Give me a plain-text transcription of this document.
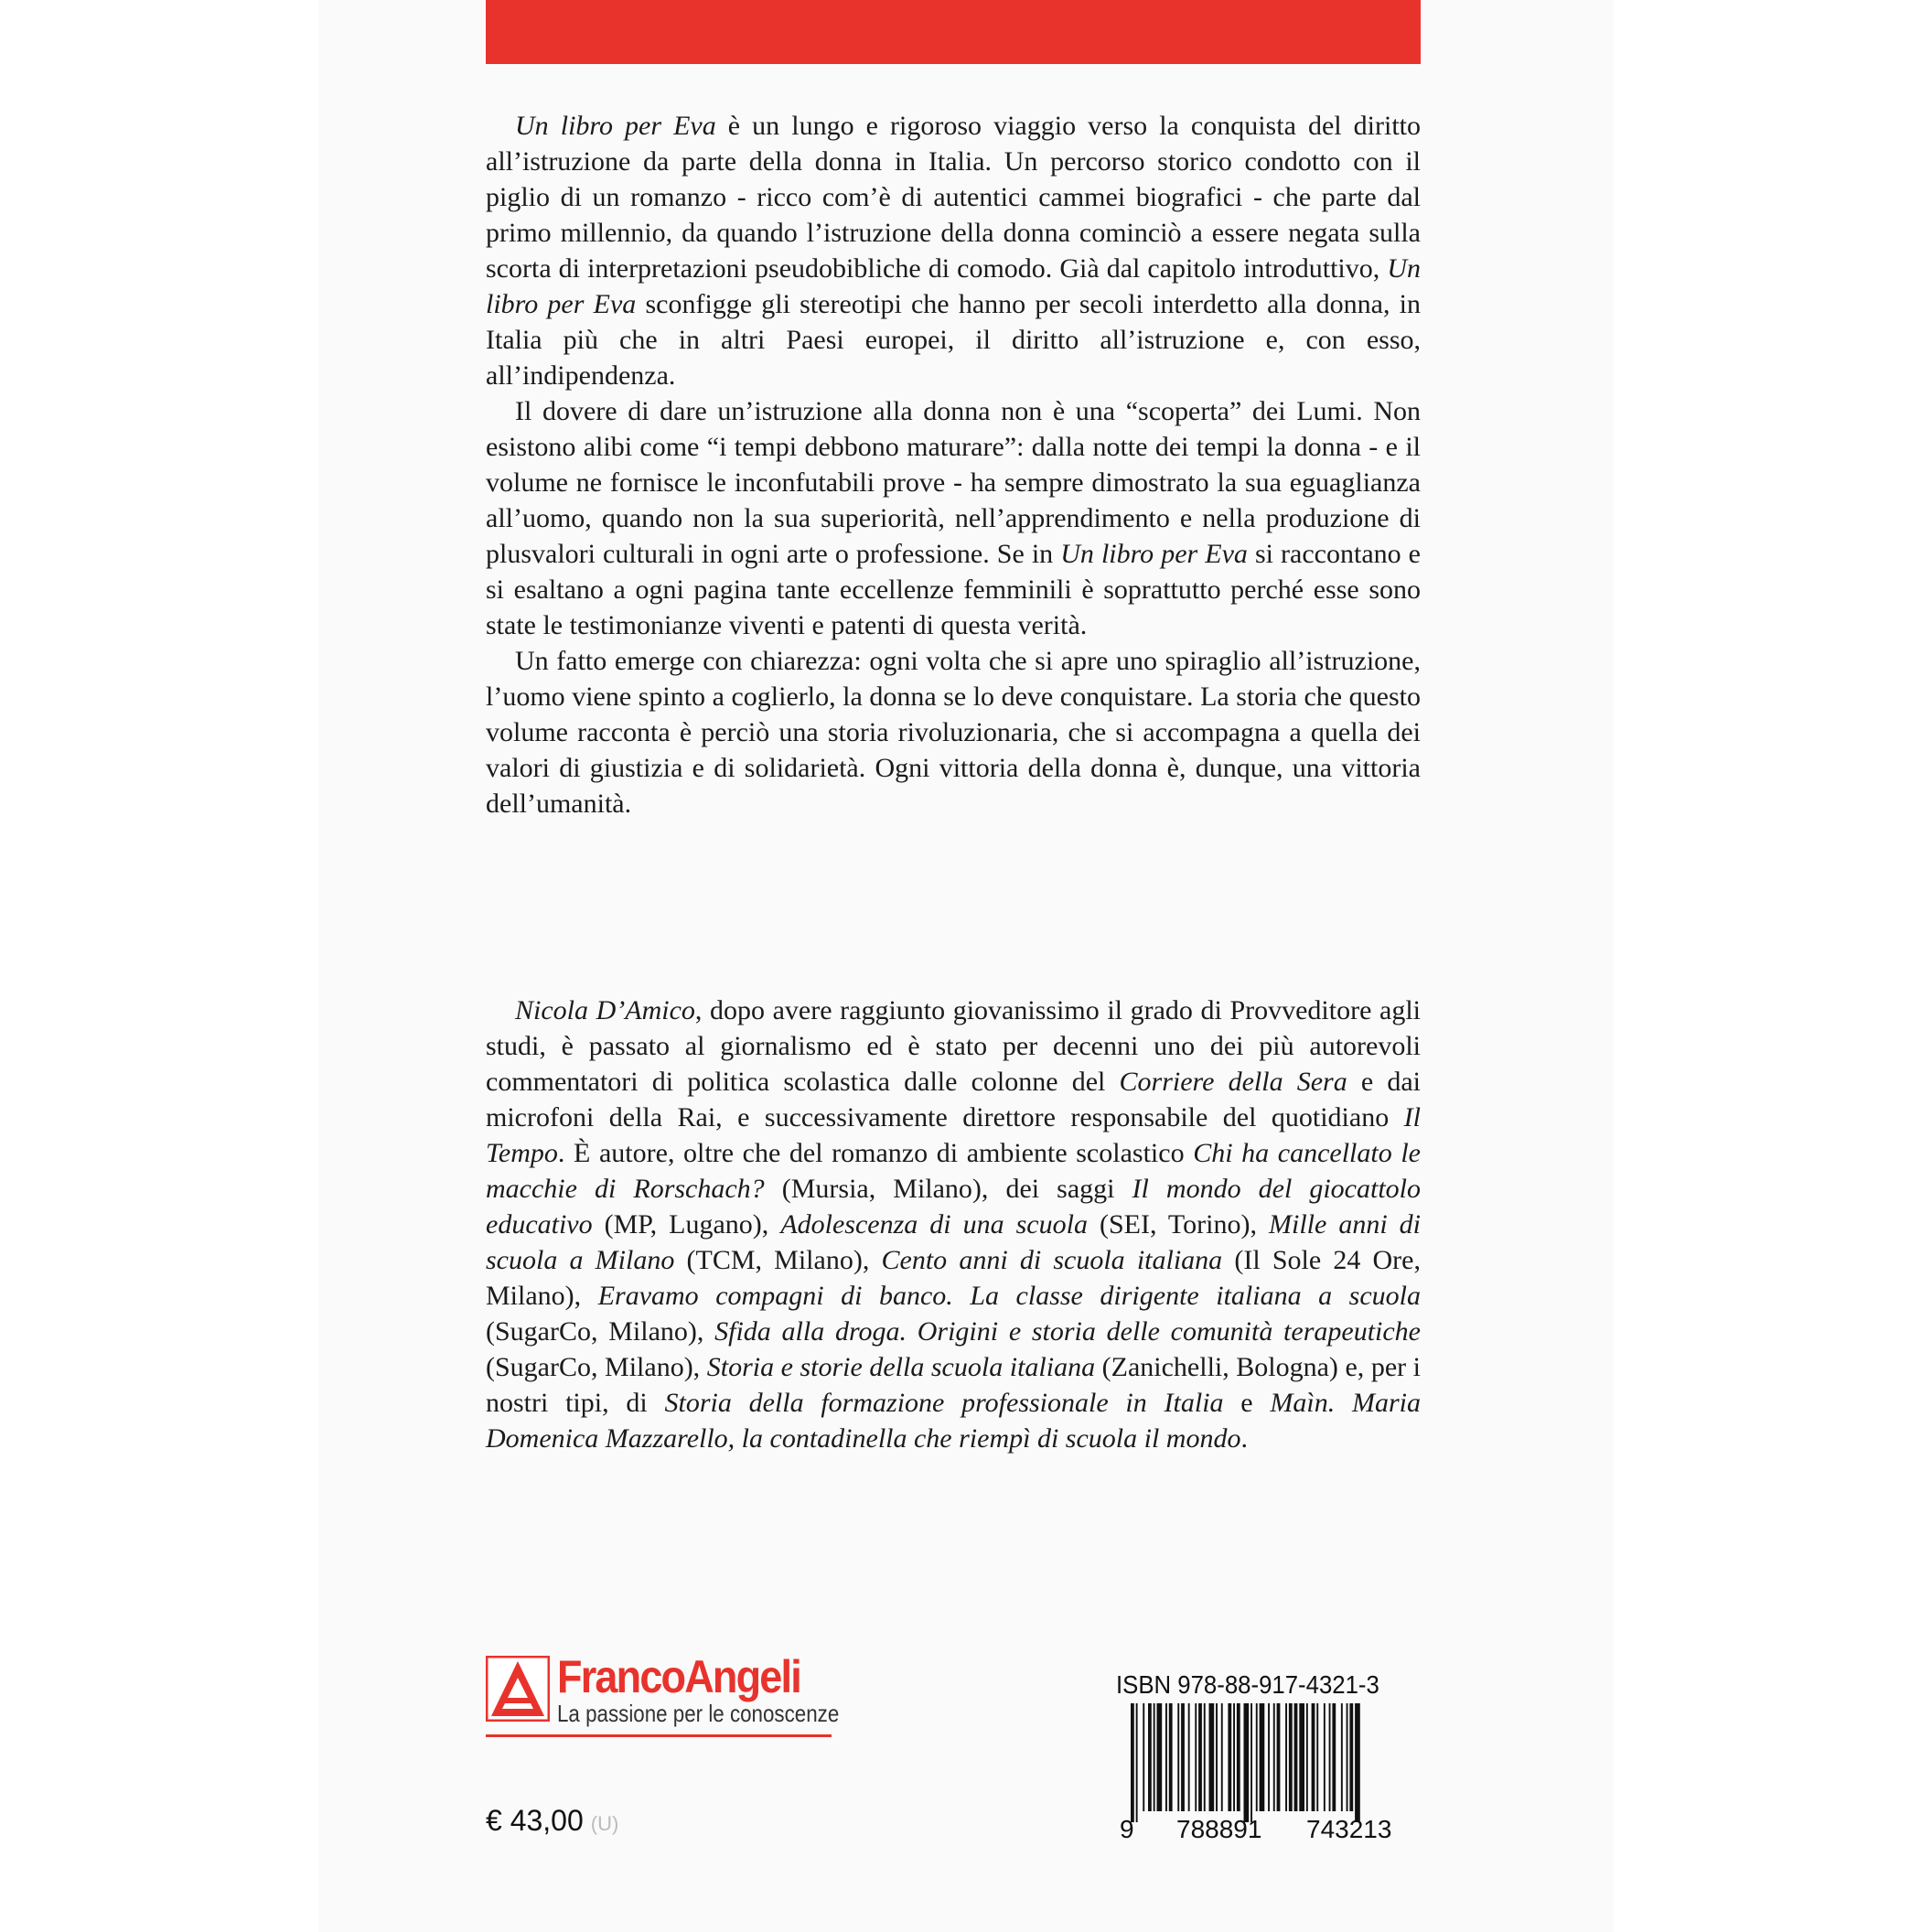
Un libro per Eva è un lungo e rigoroso viaggio verso la conquista del diritto all’istruzione da parte della donna in Italia. Un percorso storico condotto con il piglio di un romanzo - ricco com’è di autentici cammei biografici - che parte dal primo millennio, da quando l’istruzione della donna cominciò a essere negata sulla scorta di interpretazioni pseudobibliche di comodo. Già dal capitolo introduttivo, Un libro per Eva sconfigge gli stereotipi che hanno per secoli interdetto alla donna, in Italia più che in altri Paesi europei, il diritto all’istruzione e, con esso, all’indipendenza.

Il dovere di dare un’istruzione alla donna non è una “scoperta” dei Lumi. Non esistono alibi come “i tempi debbono maturare”: dalla notte dei tempi la donna - e il volume ne fornisce le inconfutabili prove - ha sempre dimostrato la sua eguaglianza all’uomo, quando non la sua superiorità, nell’apprendimento e nella produzione di plusvalori culturali in ogni arte o professione. Se in Un libro per Eva si raccontano e si esaltano a ogni pagina tante eccellenze femminili è soprattutto perché esse sono state le testimonianze viventi e patenti di questa verità.

Un fatto emerge con chiarezza: ogni volta che si apre uno spiraglio all’istruzione, l’uomo viene spinto a coglierlo, la donna se lo deve conquistare. La storia che questo volume racconta è perciò una storia rivoluzionaria, che si accompagna a quella dei valori di giustizia e di solidarietà. Ogni vittoria della donna è, dunque, una vittoria dell’umanità.

Nicola D’Amico, dopo avere raggiunto giovanissimo il grado di Provveditore agli studi, è passato al giornalismo ed è stato per decenni uno dei più autorevoli commentatori di politica scolastica dalle colonne del Corriere della Sera e dai microfoni della Rai, e successivamente direttore responsabile del quotidiano Il Tempo. È autore, oltre che del romanzo di ambiente scolastico Chi ha cancellato le macchie di Rorschach? (Mursia, Milano), dei saggi Il mondo del giocattolo educativo (MP, Lugano), Adolescenza di una scuola (SEI, Torino), Mille anni di scuola a Milano (TCM, Milano), Cento anni di scuola italiana (Il Sole 24 Ore, Milano), Eravamo compagni di banco. La classe dirigente italiana a scuola (SugarCo, Milano), Sfida alla droga. Origini e storia delle comunità terapeutiche (SugarCo, Milano), Storia e storie della scuola italiana (Zanichelli, Bologna) e, per i nostri tipi, di Storia della formazione professionale in Italia e Maìn. Maria Domenica Mazzarello, la contadinella che riempì di scuola il mondo.

FrancoAngeli
La passione per le conoscenze
€ 43,00 (U)
ISBN 978-88-917-4321-3
9 788891 743213
